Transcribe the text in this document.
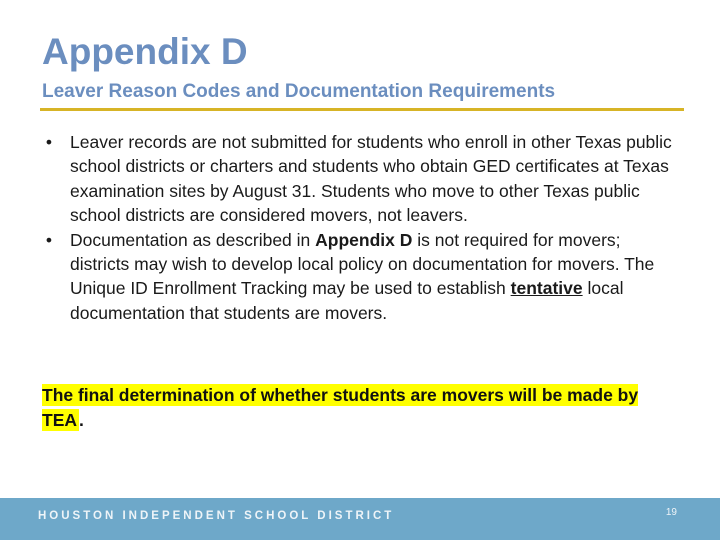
Appendix D
Leaver Reason Codes and Documentation Requirements
•
Leaver records are not submitted for students who enroll in other Texas public school districts or charters and students who obtain GED certificates at Texas examination sites by August 31. Students who move to other Texas public school districts are considered movers, not leavers.
•
Documentation as described in Appendix D is not required for movers; districts may wish to develop local policy on documentation for movers. The Unique ID Enrollment Tracking may be used to establish tentative local documentation that students are movers.

The final determination of whether students are movers will be made by TEA .

HOUSTON INDEPENDENT SCHOOL DISTRICT	19
